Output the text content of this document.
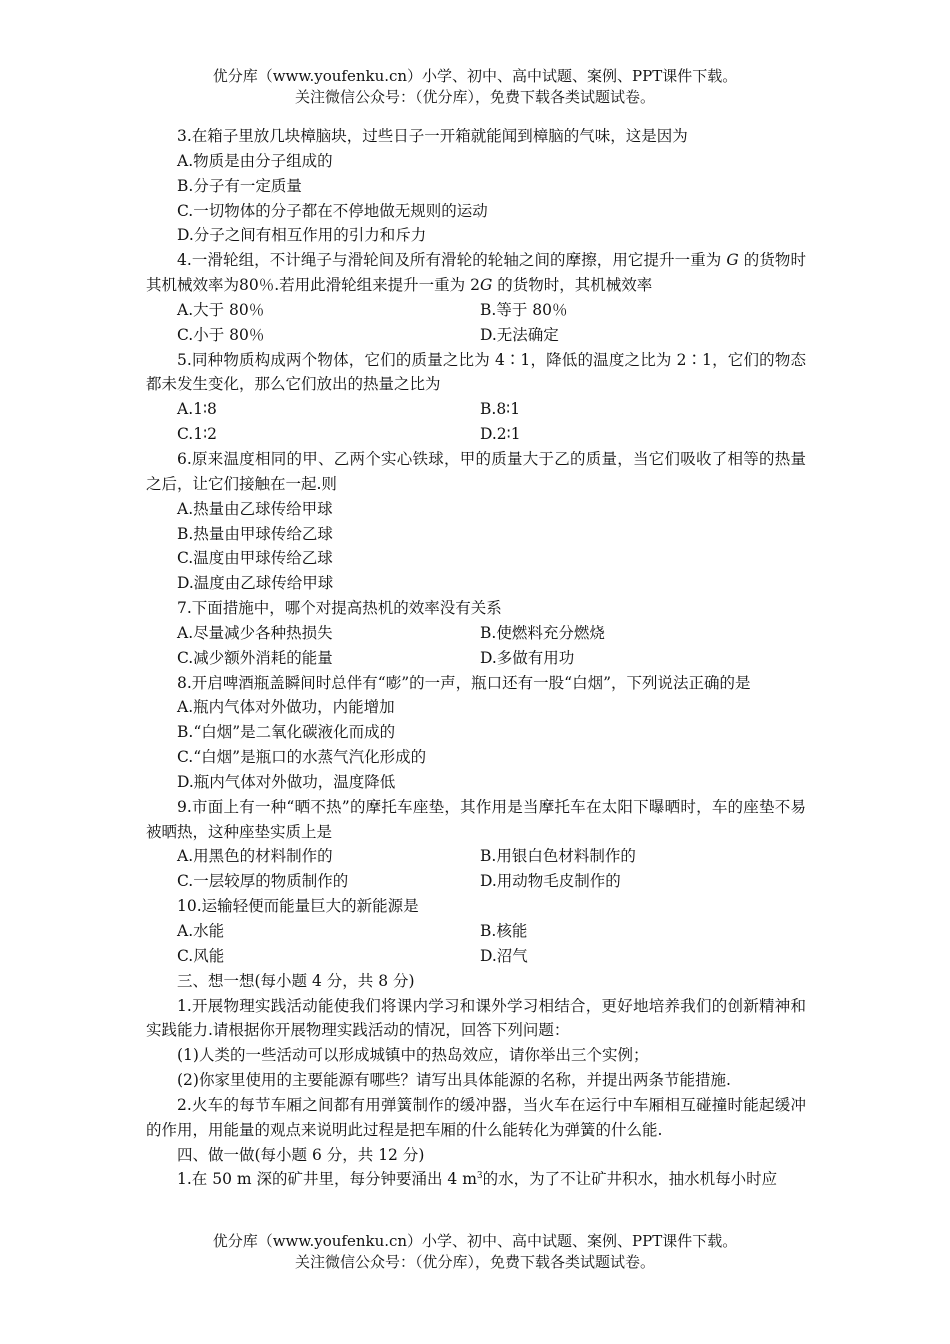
优分库（www.youfenku.cn）小学、初中、高中试题、案例、PPT课件下载。
关注微信公众号：（优分库），免费下载各类试题试卷。

3.在箱子里放几块樟脑块，过些日子一开箱就能闻到樟脑的气味，这是因为

A.物质是由分子组成的

B.分子有一定质量

C.一切物体的分子都在不停地做无规则的运动

D.分子之间有相互作用的引力和斥力

4.一滑轮组，不计绳子与滑轮间及所有滑轮的轮轴之间的摩擦，用它提升一重为 G 的货物时其机械效率为80％.若用此滑轮组来提升一重为 2G 的货物时，其机械效率

A.大于 80％	B.等于 80％
C.小于 80％	D.无法确定

5.同种物质构成两个物体，它们的质量之比为 4∶1，降低的温度之比为 2∶1，它们的物态都未发生变化，那么它们放出的热量之比为

A.1∶8	B.8∶1
C.1∶2	D.2∶1

6.原来温度相同的甲、乙两个实心铁球，甲的质量大于乙的质量，当它们吸收了相等的热量之后，让它们接触在一起.则

A.热量由乙球传给甲球

B.热量由甲球传给乙球

C.温度由甲球传给乙球

D.温度由乙球传给甲球

7.下面措施中，哪个对提高热机的效率没有关系

A.尽量减少各种热损失	B.使燃料充分燃烧
C.减少额外消耗的能量	D.多做有用功

8.开启啤酒瓶盖瞬间时总伴有“嘭”的一声，瓶口还有一股“白烟”，下列说法正确的是

A.瓶内气体对外做功，内能增加

B.“白烟”是二氧化碳液化而成的

C.“白烟”是瓶口的水蒸气汽化形成的

D.瓶内气体对外做功，温度降低

9.市面上有一种“晒不热”的摩托车座垫，其作用是当摩托车在太阳下曝晒时，车的座垫不易被晒热，这种座垫实质上是

A.用黑色的材料制作的	B.用银白色材料制作的
C.一层较厚的物质制作的	D.用动物毛皮制作的

10.运输轻便而能量巨大的新能源是

A.水能	B.核能
C.风能	D.沼气

三、想一想(每小题 4 分，共 8 分)

1.开展物理实践活动能使我们将课内学习和课外学习相结合，更好地培养我们的创新精神和实践能力.请根据你开展物理实践活动的情况，回答下列问题：

(1)人类的一些活动可以形成城镇中的热岛效应，请你举出三个实例；

(2)你家里使用的主要能源有哪些？请写出具体能源的名称，并提出两条节能措施.

2.火车的每节车厢之间都有用弹簧制作的缓冲器，当火车在运行中车厢相互碰撞时能起缓冲的作用，用能量的观点来说明此过程是把车厢的什么能转化为弹簧的什么能.

四、做一做(每小题 6 分，共 12 分)

1.在 50 m 深的矿井里，每分钟要涌出 4 $m^3$的水，为了不让矿井积水，抽水机每小时应

优分库（www.youfenku.cn）小学、初中、高中试题、案例、PPT课件下载。
关注微信公众号：（优分库），免费下载各类试题试卷。
